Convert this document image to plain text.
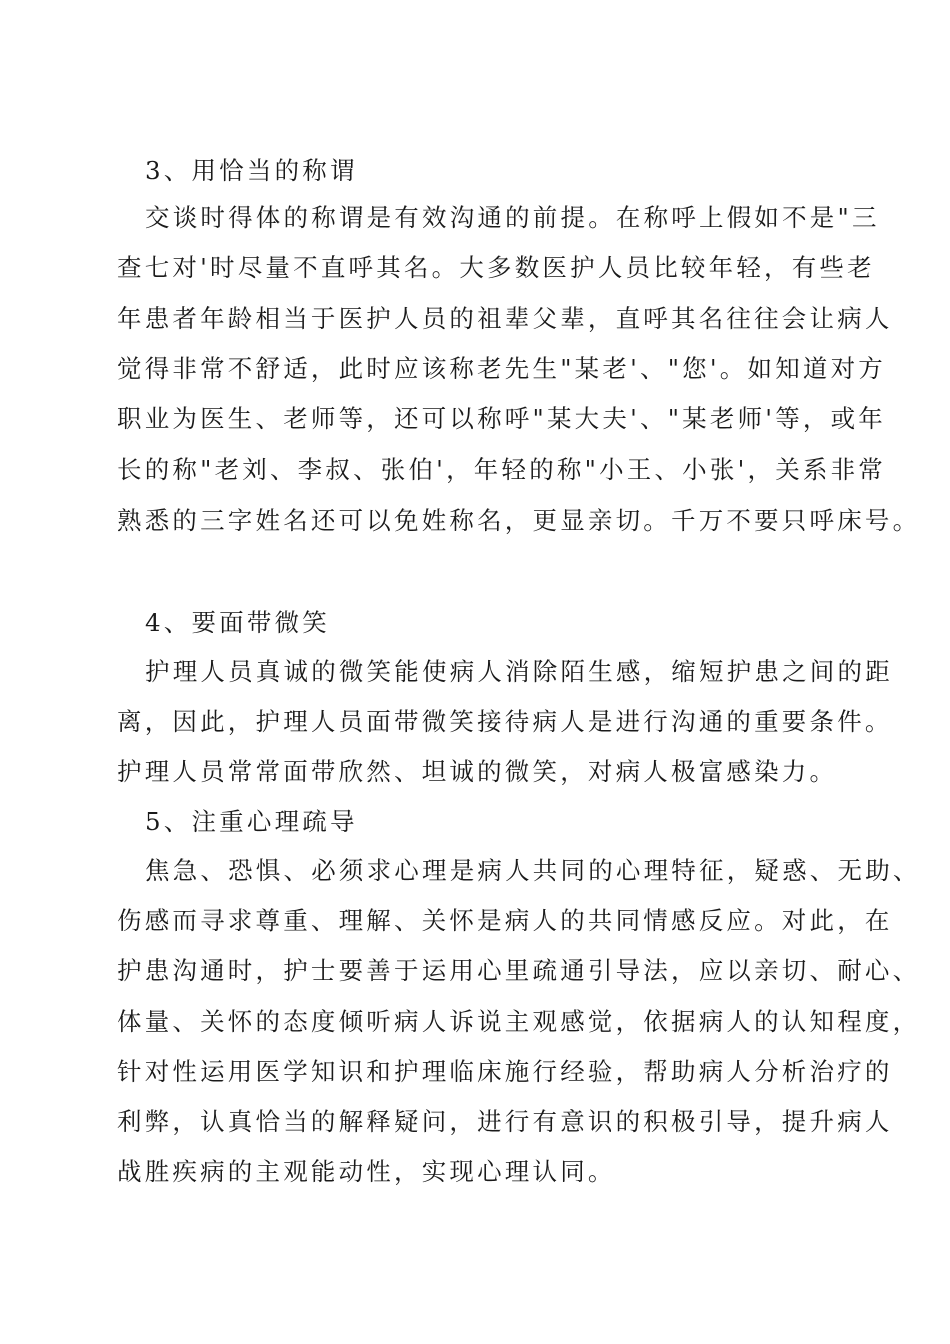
3、用恰当的称谓
交谈时得体的称谓是有效沟通的前提。在称呼上假如不是"三
查七对'时尽量不直呼其名。大多数医护人员比较年轻，有些老
年患者年龄相当于医护人员的祖辈父辈，直呼其名往往会让病人
觉得非常不舒适，此时应该称老先生"某老'、"您'。如知道对方
职业为医生、老师等，还可以称呼"某大夫'、"某老师'等，或年
长的称"老刘、李叔、张伯'，年轻的称"小王、小张'，关系非常
熟悉的三字姓名还可以免姓称名，更显亲切。千万不要只呼床号。
4、要面带微笑
护理人员真诚的微笑能使病人消除陌生感，缩短护患之间的距
离，因此，护理人员面带微笑接待病人是进行沟通的重要条件。
护理人员常常面带欣然、坦诚的微笑，对病人极富感染力。
5、注重心理疏导
焦急、恐惧、必须求心理是病人共同的心理特征，疑惑、无助、
伤感而寻求尊重、理解、关怀是病人的共同情感反应。对此，在
护患沟通时，护士要善于运用心里疏通引导法，应以亲切、耐心、
体量、关怀的态度倾听病人诉说主观感觉，依据病人的认知程度，
针对性运用医学知识和护理临床施行经验，帮助病人分析治疗的
利弊，认真恰当的解释疑问，进行有意识的积极引导，提升病人
战胜疾病的主观能动性，实现心理认同。
